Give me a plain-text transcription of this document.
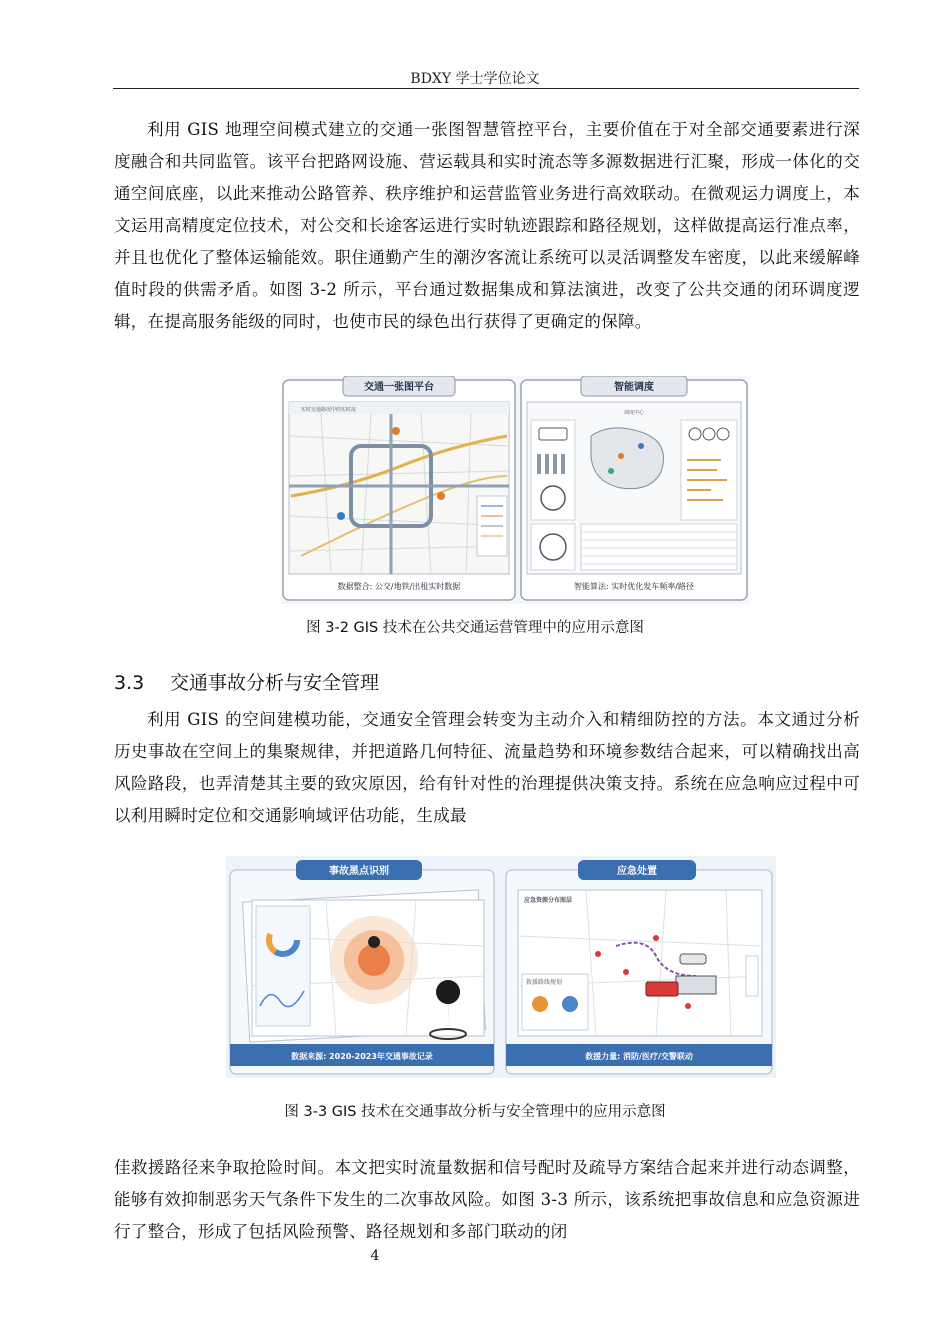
BDXY 学士学位论文
利用 GIS 地理空间模式建立的交通一张图智慧管控平台，主要价值在于对全部交通要素进行深度融合和共同监管。该平台把路网设施、营运载具和实时流态等多源数据进行汇聚，形成一体化的交通空间底座，以此来推动公路管养、秩序维护和运营监管业务进行高效联动。在微观运力调度上，本文运用高精度定位技术，对公交和长途客运进行实时轨迹跟踪和路径规划，这样做提高运行准点率，并且也优化了整体运输能效。职住通勤产生的潮汐客流让系统可以灵活调整发车密度，以此来缓解峰值时段的供需矛盾。如图 3-2 所示，平台通过数据集成和算法演进，改变了公共交通的闭环调度逻辑，在提高服务能级的同时，也使市民的绿色出行获得了更确定的保障。
交通一张图平台
实时交通路况中的实时流
数据整合: 公交/地铁/出租实时数据
智能调度
调度中心
智能算法: 实时优化发车频率/路径
图 3-2 GIS 技术在公共交通运营管理中的应用示意图
3.3 交通事故分析与安全管理
利用 GIS 的空间建模功能，交通安全管理会转变为主动介入和精细防控的方法。本文通过分析历史事故在空间上的集聚规律，并把道路几何特征、流量趋势和环境参数结合起来，可以精确找出高风险路段，也弄清楚其主要的致灾原因，给有针对性的治理提供决策支持。系统在应急响应过程中可以利用瞬时定位和交通影响域评估功能，生成最
事故黑点识别
数据来源: 2020-2023年交通事故记录
应急处置
应急资源分布图层
救援路线规划
救援力量: 消防/医疗/交警联动
图 3-3 GIS 技术在交通事故分析与安全管理中的应用示意图
佳救援路径来争取抢险时间。本文把实时流量数据和信号配时及疏导方案结合起来并进行动态调整，能够有效抑制恶劣天气条件下发生的二次事故风险。如图 3-3 所示，该系统把事故信息和应急资源进行了整合，形成了包括风险预警、路径规划和多部门联动的闭
4
